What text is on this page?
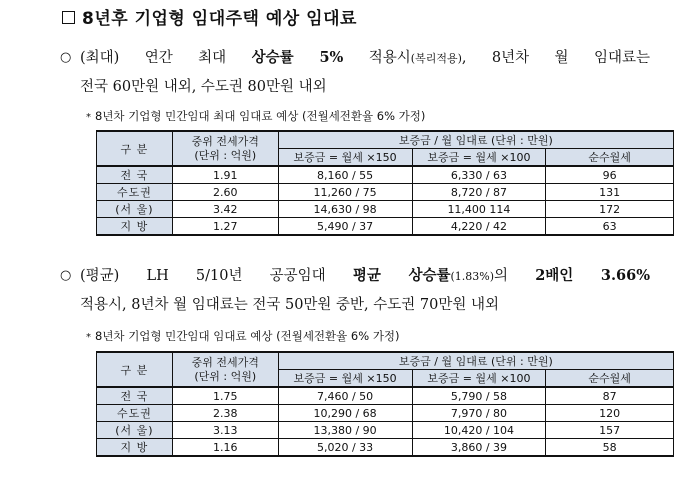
8년후 기업형 임대주택 예상 임대료
○ (최대) 연간 최대 상승률 5% 적용시(복리적용), 8년차 월 임대료는
전국 60만원 내외, 수도권 80만원 내외
* 8년차 기업형 민간임대 최대 임대료 예상 (전월세전환율 6% 가정)
구 분	중위 전세가격
(단위 : 억원)	보증금 / 월 임대료 (단위 : 만원)		
		보증금 = 월세 ×150	보증금 = 월세 ×100	순수월세
전 국	1.91	8,160 / 55	6,330 / 63	96
수도권	2.60	11,260 / 75	8,720 / 87	131
(서 울)	3.42	14,630 / 98	11,400 114	172
지 방	1.27	5,490 / 37	4,220 / 42	63
○ (평균) LH 5/10년 공공임대 평균 상승률(1.83%)의 2배인 3.66%
적용시, 8년차 월 임대료는 전국 50만원 중반, 수도권 70만원 내외
* 8년차 기업형 민간임대 임대료 예상 (전월세전환율 6% 가정)
구 분	중위 전세가격
(단위 : 억원)	보증금 / 월 임대료 (단위 : 만원)		
		보증금 = 월세 ×150	보증금 = 월세 ×100	순수월세
전 국	1.75	7,460 / 50	5,790 / 58	87
수도권	2.38	10,290 / 68	7,970 / 80	120
(서 울)	3.13	13,380 / 90	10,420 / 104	157
지 방	1.16	5,020 / 33	3,860 / 39	58
